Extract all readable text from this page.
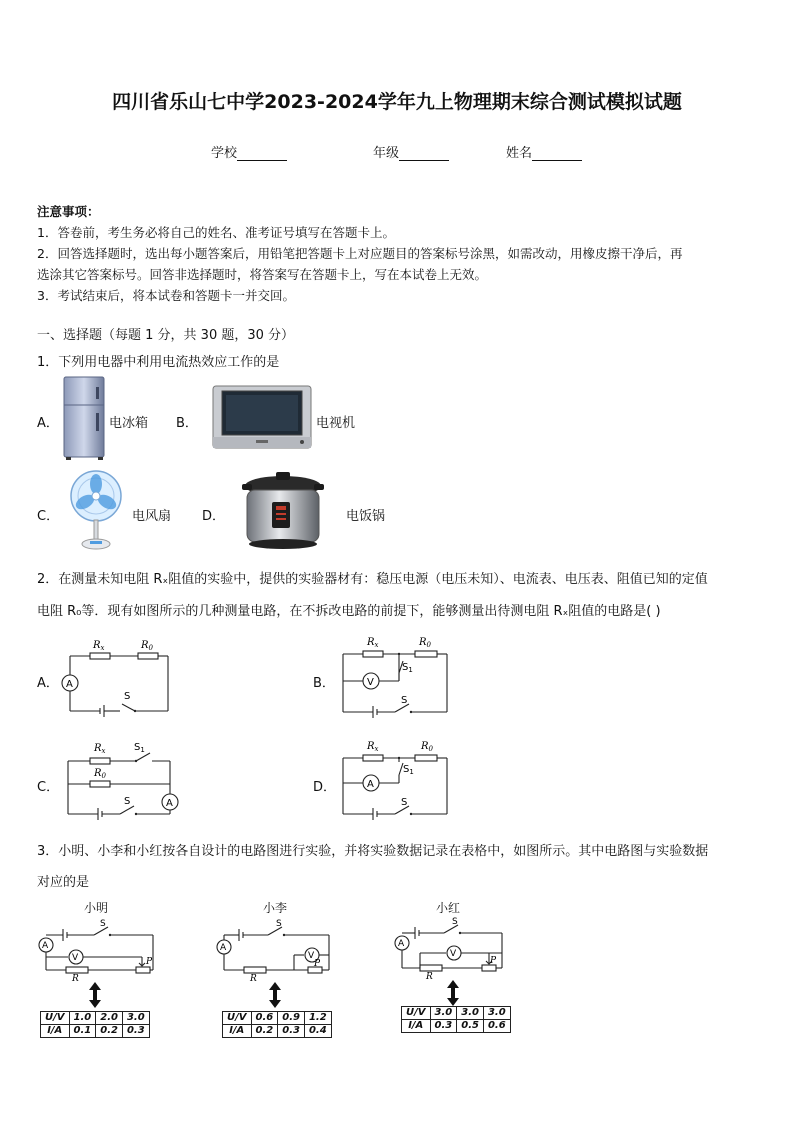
四川省乐山七中学2023-2024学年九上物理期末综合测试模拟试题
学校	年级	姓名
注意事项：
1．答卷前，考生务必将自己的姓名、准考证号填写在答题卡上。
2．回答选择题时，选出每小题答案后，用铅笔把答题卡上对应题目的答案标号涂黑，如需改动，用橡皮擦干净后，再
选涂其它答案标号。回答非选择题时，将答案写在答题卡上，写在本试卷上无效。
3．考试结束后，将本试卷和答题卡一并交回。
一、选择题（每题 1 分，共 30 题，30 分）
1．下列用电器中利用电流热效应工作的是
A．	电冰箱 B．	电视机
C．	电风扇 D．	电饭锅
2．在测量未知电阻 Rₓ阻值的实验中，提供的实验器材有：稳压电源（电压未知）、电流表、电压表、阻值已知的定值
电阻 R₀等．现有如图所示的几种测量电路，在不拆改电路的前提下，能够测量出待测电阻 Rₓ阻值的电路是( )
A． A
$R_x$	$R_0$
S
B．	V
$R_x$	$R_0$
$S_1$
S
C．
A
$R_x$
$R_0$
$S_1$
S
D．	A
$R_x$	$R_0$
$S_1$
S
3．小明、小李和小红按各自设计的电路图进行实验，并将实验数据记录在表格中，如图所示。其中电路图与实验数据
对应的是
小明
A
V
S
R
P
U/V	1.0	2.0	3.0
I/A	0.1	0.2	0.3
小李
A
V
S
R
P
U/V	0.6	0.9	1.2
I/A	0.2	0.3	0.4
小红
A
V
S
R
P
U/V	3.0	3.0	3.0
I/A	0.3	0.5	0.6
